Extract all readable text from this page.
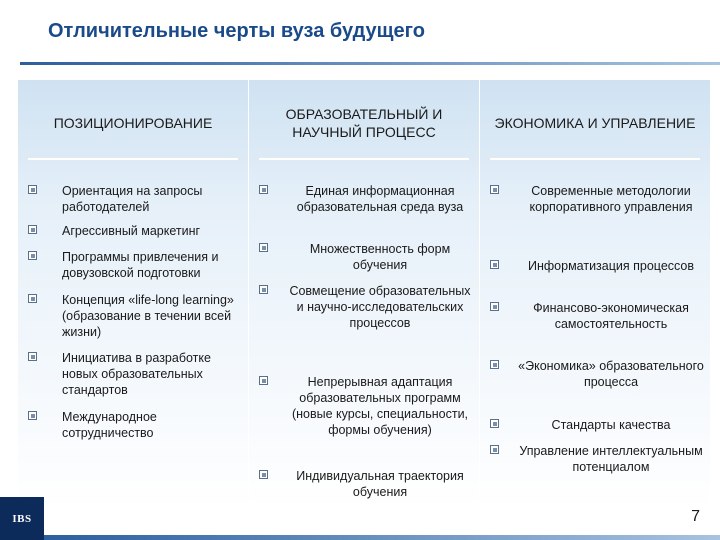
Отличительные черты вуза будущего
ПОЗИЦИОНИРОВАНИЕ
Ориентация на запросы работодателей
Агрессивный маркетинг
Программы привлечения и довузовской подготовки
Концепция «life-long learning» (образование в течении всей жизни)
Инициатива в разработке новых образовательных стандартов
Международное сотрудничество
ОБРАЗОВАТЕЛЬНЫЙ И НАУЧНЫЙ ПРОЦЕСС
Единая информационная образовательная среда вуза
Множественность форм обучения
Совмещение образовательных и научно-исследовательских процессов
Непрерывная адаптация образовательных программ (новые курсы, специальности, формы обучения)
Индивидуальная траектория обучения
ЭКОНОМИКА И УПРАВЛЕНИЕ
Современные методологии корпоративного управления
Информатизация процессов
Финансово-экономическая самостоятельность
«Экономика» образовательного процесса
Стандарты качества
Управление интеллектуальным потенциалом
IBS	7
